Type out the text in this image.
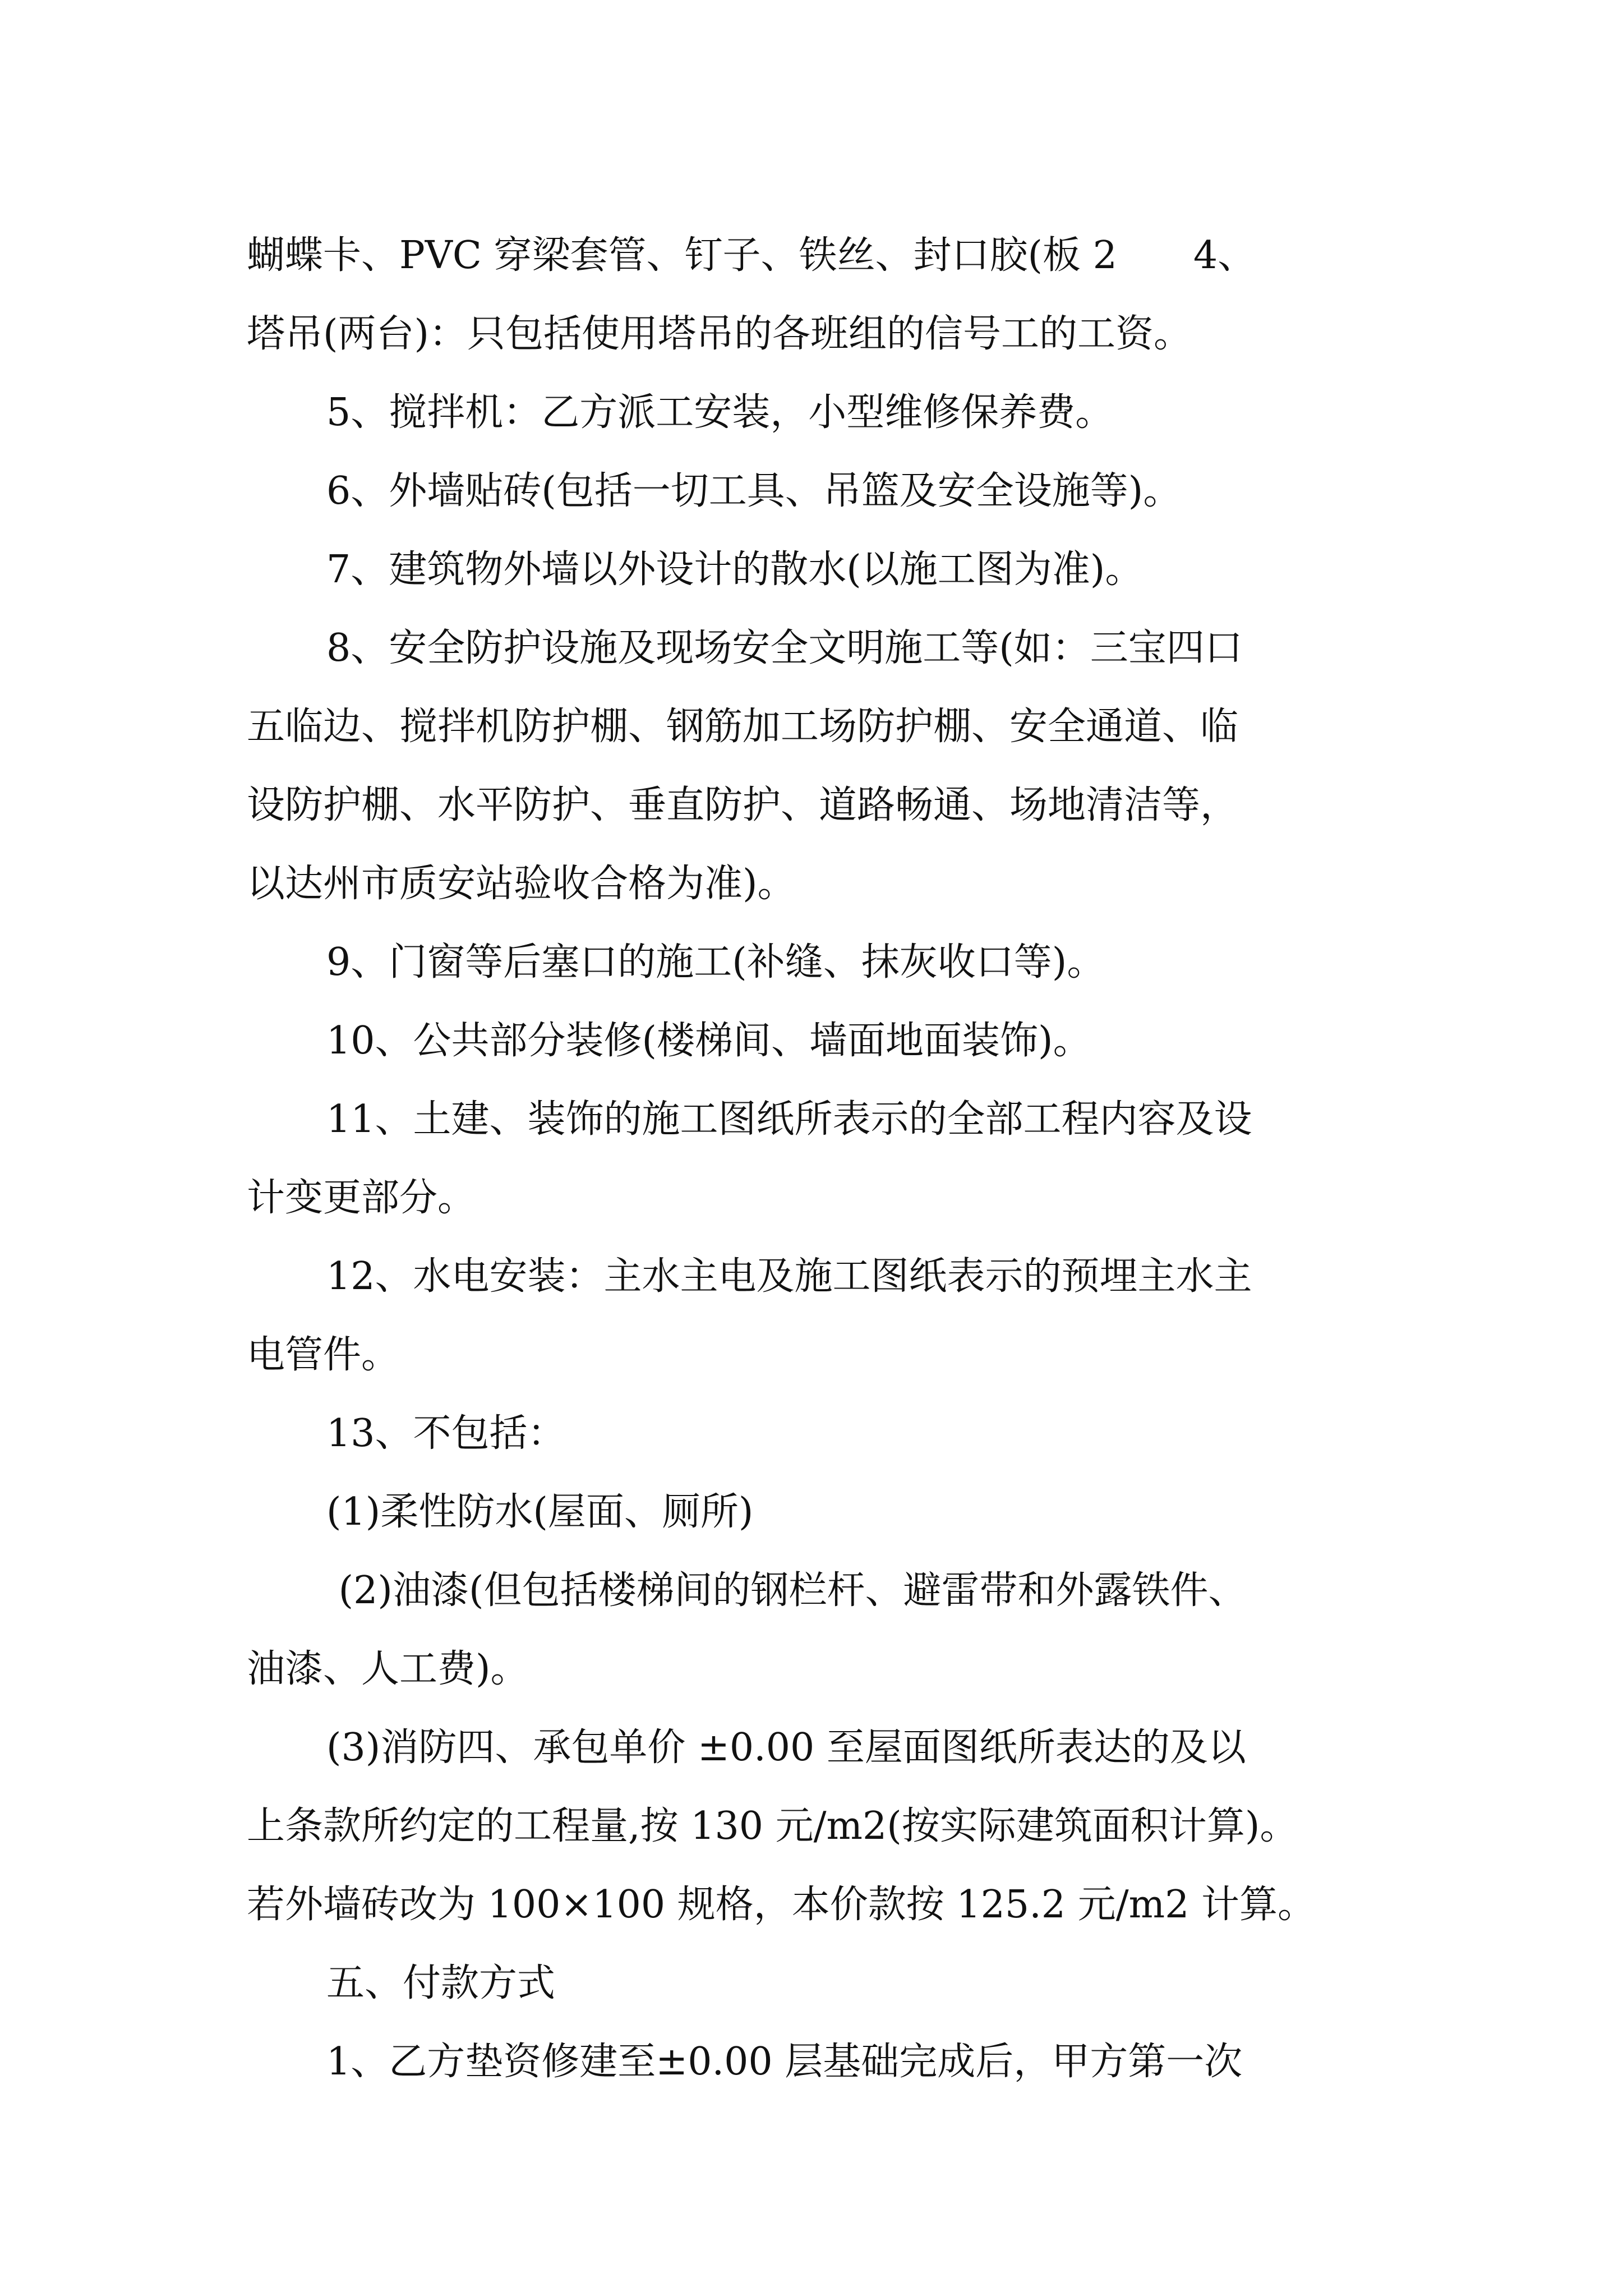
蝴蝶卡、PVC 穿梁套管、钉子、铁丝、封口胶(板 2　　4、
塔吊(两台)：只包括使用塔吊的各班组的信号工的工资。
5、搅拌机：乙方派工安装，小型维修保养费。
6、外墙贴砖(包括一切工具、吊篮及安全设施等)。
7、建筑物外墙以外设计的散水(以施工图为准)。
8、安全防护设施及现场安全文明施工等(如：三宝四口
五临边、搅拌机防护棚、钢筋加工场防护棚、安全通道、临
设防护棚、水平防护、垂直防护、道路畅通、场地清洁等，
以达州市质安站验收合格为准)。
9、门窗等后塞口的施工(补缝、抹灰收口等)。
10、公共部分装修(楼梯间、墙面地面装饰)。
11、土建、装饰的施工图纸所表示的全部工程内容及设
计变更部分。
12、水电安装：主水主电及施工图纸表示的预埋主水主
电管件。
13、不包括：
(1)柔性防水(屋面、厕所)
(2)油漆(但包括楼梯间的钢栏杆、避雷带和外露铁件、
油漆、人工费)。
(3)消防四、承包单价 ±0.00 至屋面图纸所表达的及以
上条款所约定的工程量,按 130 元/m2(按实际建筑面积计算)。
若外墙砖改为 100×100 规格，本价款按 125.2 元/m2 计算。
五、付款方式
1、乙方垫资修建至±0.00 层基础完成后，甲方第一次
